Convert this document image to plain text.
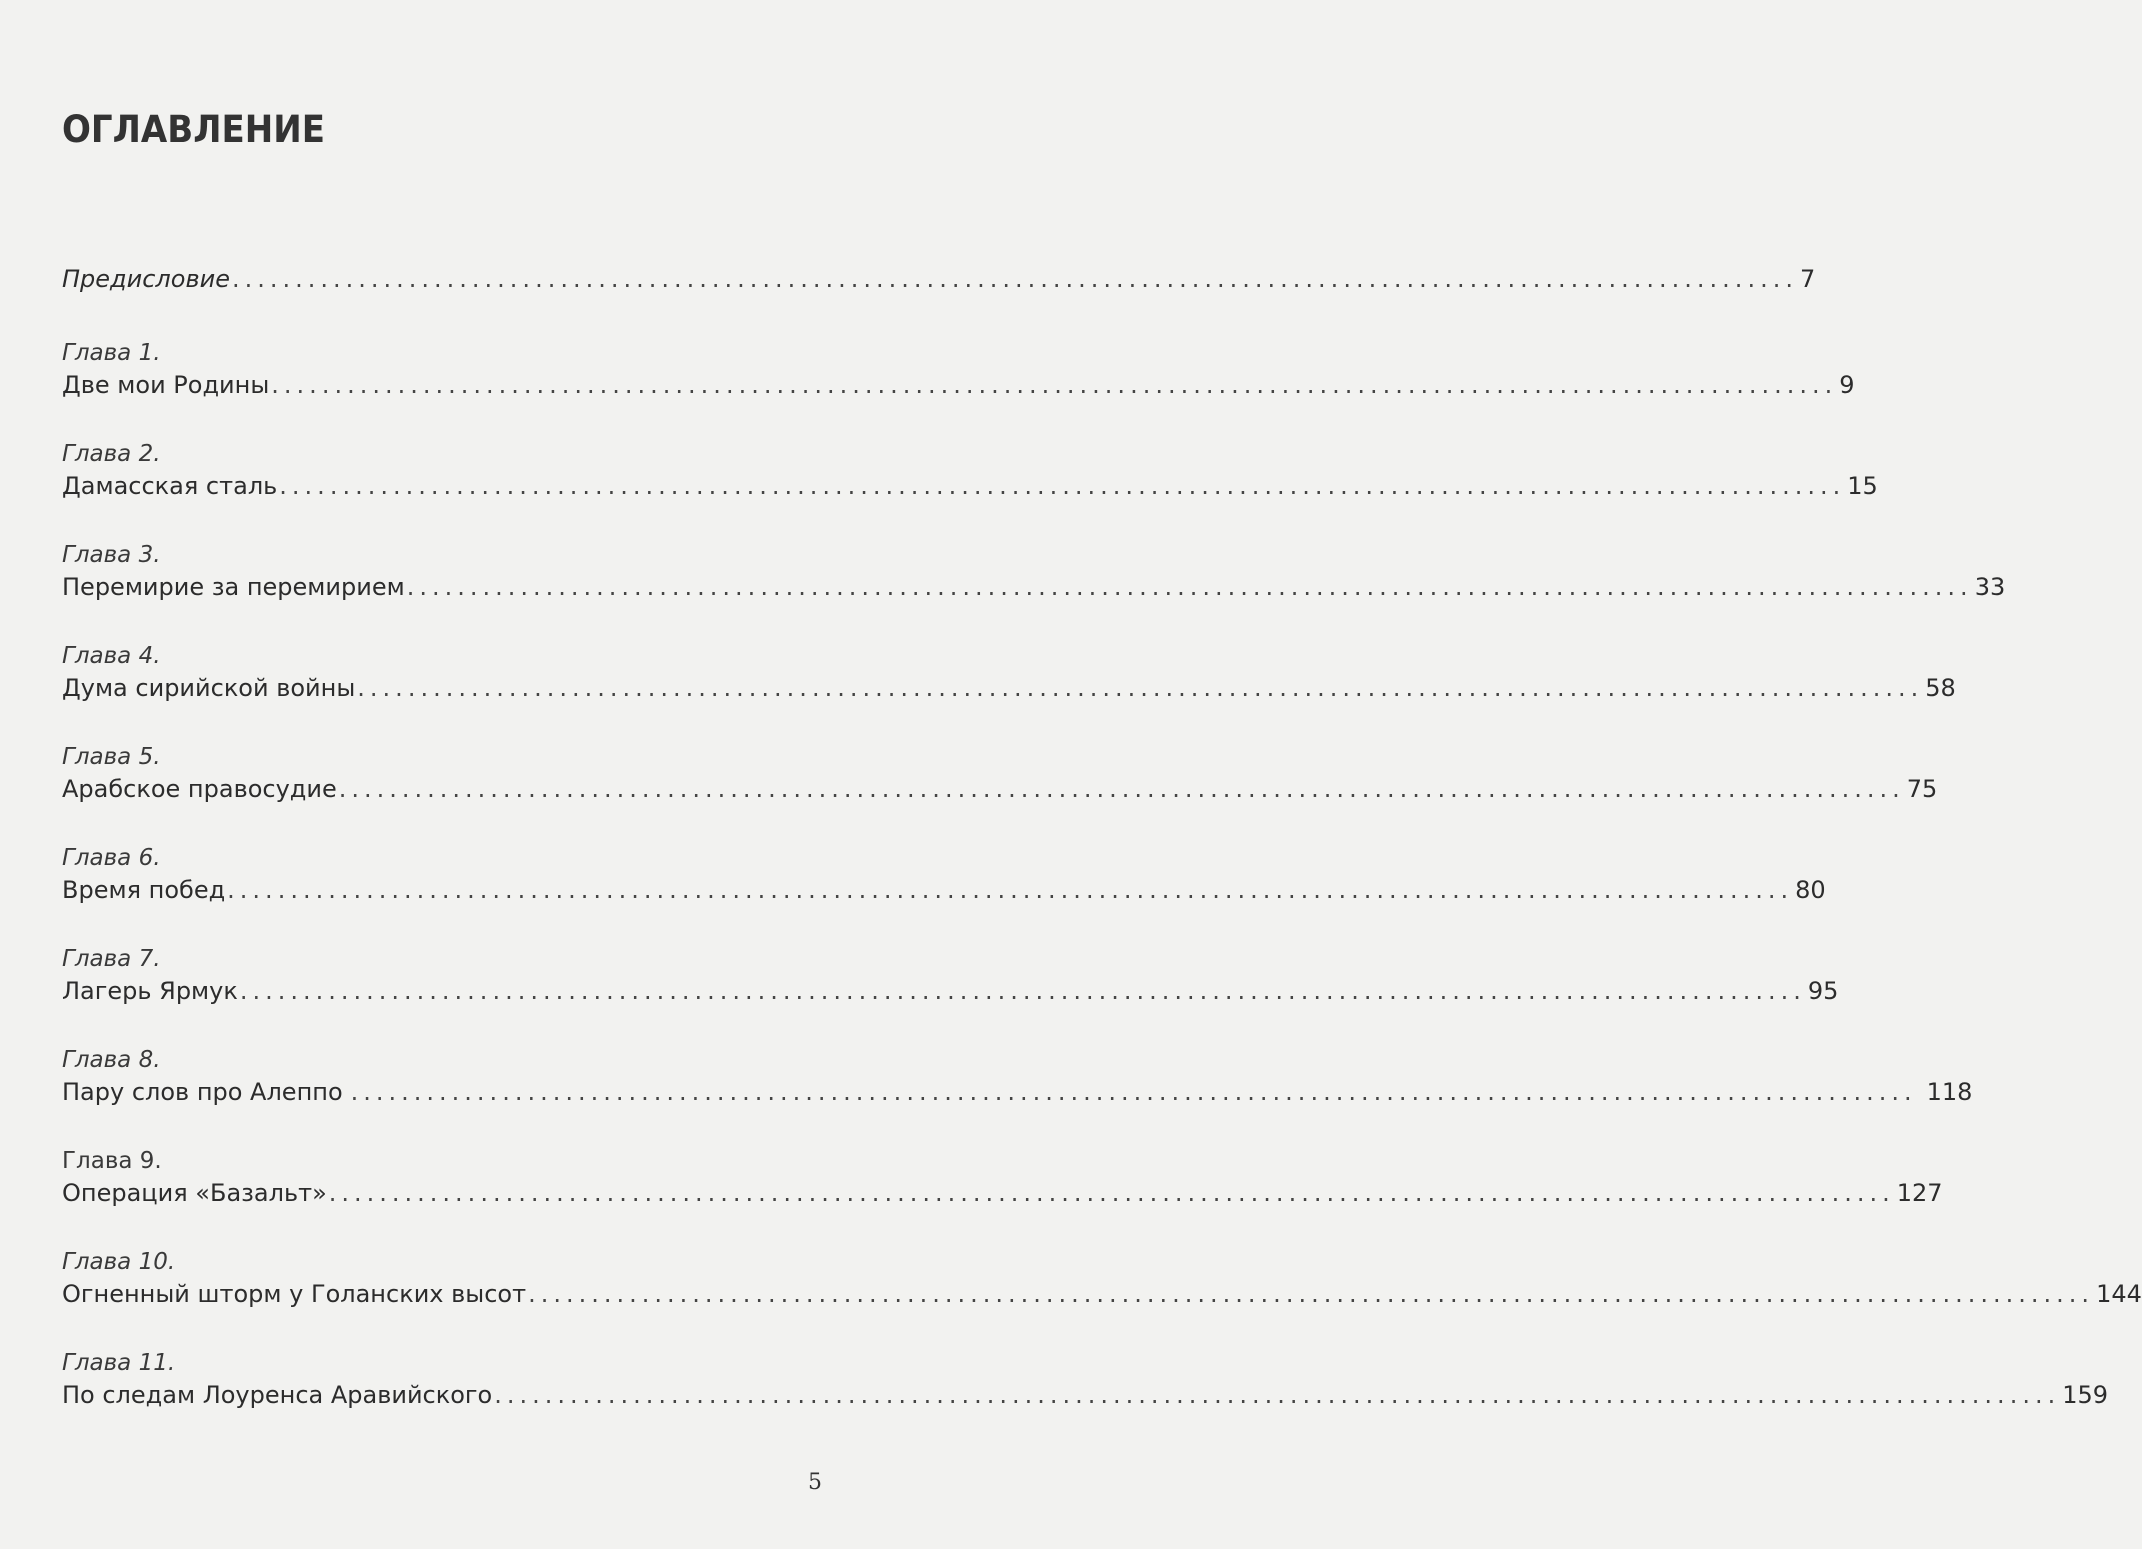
ОГЛАВЛЕНИЕ
Предисловие ............................................................................................................................ 7
Глава 1.
Две мои Родины ............................................................................................................................ 9
Глава 2.
Дамасская сталь ............................................................................................................................ 15
Глава 3.
Перемирие за перемирием ............................................................................................................................ 33
Глава 4.
Дума сирийской войны ............................................................................................................................ 58
Глава 5.
Арабское правосудие ............................................................................................................................ 75
Глава 6.
Время побед ............................................................................................................................ 80
Глава 7.
Лагерь Ярмук ............................................................................................................................ 95
Глава 8.
Пару слов про Алеппо ............................................................................................................................ 118
Глава 9.
Операция «Базальт» ............................................................................................................................ 127
Глава 10.
Огненный шторм у Голанских высот ............................................................................................................................ 144
Глава 11.
По следам Лоуренса Аравийского ............................................................................................................................ 159
5
